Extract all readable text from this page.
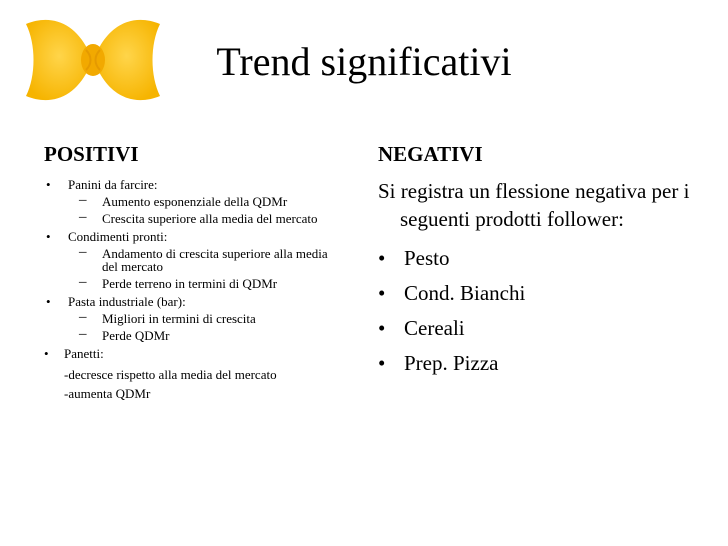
Trend significativi
POSITIVI
• Panini da farcire:
– Aumento esponenziale della QDMr
– Crescita superiore alla media del mercato
• Condimenti pronti:
– Andamento di crescita superiore alla media del mercato
– Perde terreno in termini di QDMr
• Pasta industriale (bar):
– Migliori in termini di crescita
– Perde QDMr
• Panetti:
-decresce rispetto alla media del mercato
-aumenta QDMr
NEGATIVI
Si registra un flessione negativa per i seguenti prodotti follower:
• Pesto
• Cond. Bianchi
• Cereali
• Prep. Pizza
